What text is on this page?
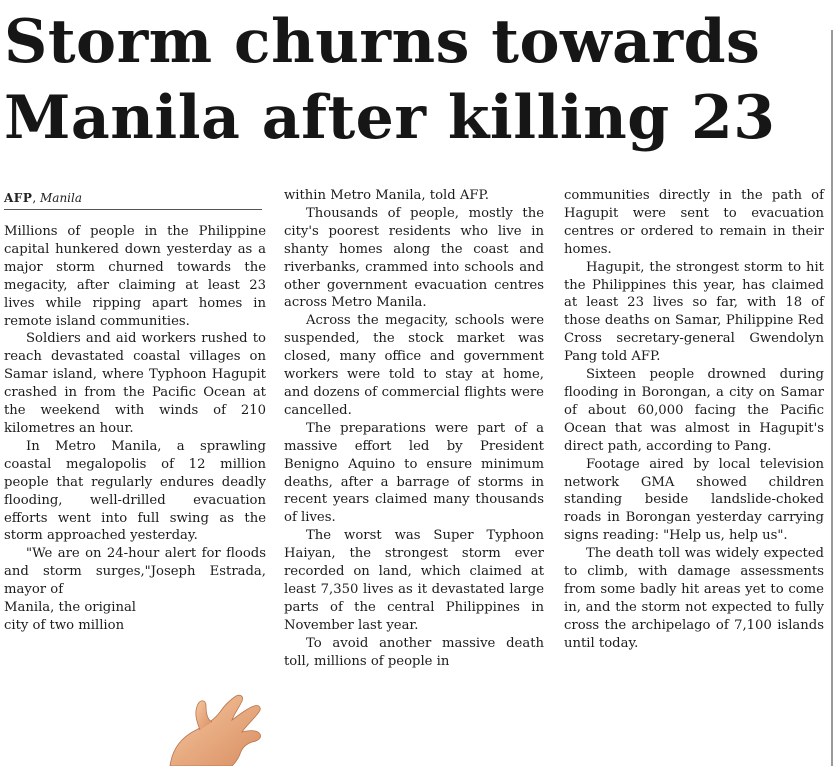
Storm churns towards
Manila after killing 23
AFP, Manila

Millions of people in the Philippine capital hunkered down yesterday as a major storm churned towards the megacity, after claiming at least 23 lives while ripping apart homes in remote island communities.

Soldiers and aid workers rushed to reach devastated coastal villages on Samar island, where Typhoon Hagupit crashed in from the Pacific Ocean at the weekend with winds of 210 kilometres an hour.

In Metro Manila, a sprawling coastal megalopolis of 12 million people that regularly endures deadly flooding, well-drilled evacuation efforts went into full swing as the storm approached yesterday.

"We are on 24-hour alert for floods and storm surges,"Joseph Estrada, mayor of

Manila, the original
city of two million

within Metro Manila, told AFP.

Thousands of people, mostly the city's poorest residents who live in shanty homes along the coast and riverbanks, crammed into schools and other government evacuation centres across Metro Manila.

Across the megacity, schools were suspended, the stock market was closed, many office and government workers were told to stay at home, and dozens of commercial flights were cancelled.

The preparations were part of a massive effort led by President Benigno Aquino to ensure minimum deaths, after a barrage of storms in recent years claimed many thousands of lives.

The worst was Super Typhoon Haiyan, the strongest storm ever recorded on land, which claimed at least 7,350 lives as it devastated large parts of the central Philippines in November last year.

To avoid another massive death toll, millions of people in

communities directly in the path of Hagupit were sent to evacuation centres or ordered to remain in their homes.

Hagupit, the strongest storm to hit the Philippines this year, has claimed at least 23 lives so far, with 18 of those deaths on Samar, Philippine Red Cross secretary-general Gwendolyn Pang told AFP.

Sixteen people drowned during flooding in Borongan, a city on Samar of about 60,000 facing the Pacific Ocean that was almost in Hagupit's direct path, according to Pang.

Footage aired by local television network GMA showed children standing beside landslide-choked roads in Borongan yesterday carrying signs reading: "Help us, help us".

The death toll was widely expected to climb, with damage assessments from some badly hit areas yet to come in, and the storm not expected to fully cross the archipelago of 7,100 islands until today.
